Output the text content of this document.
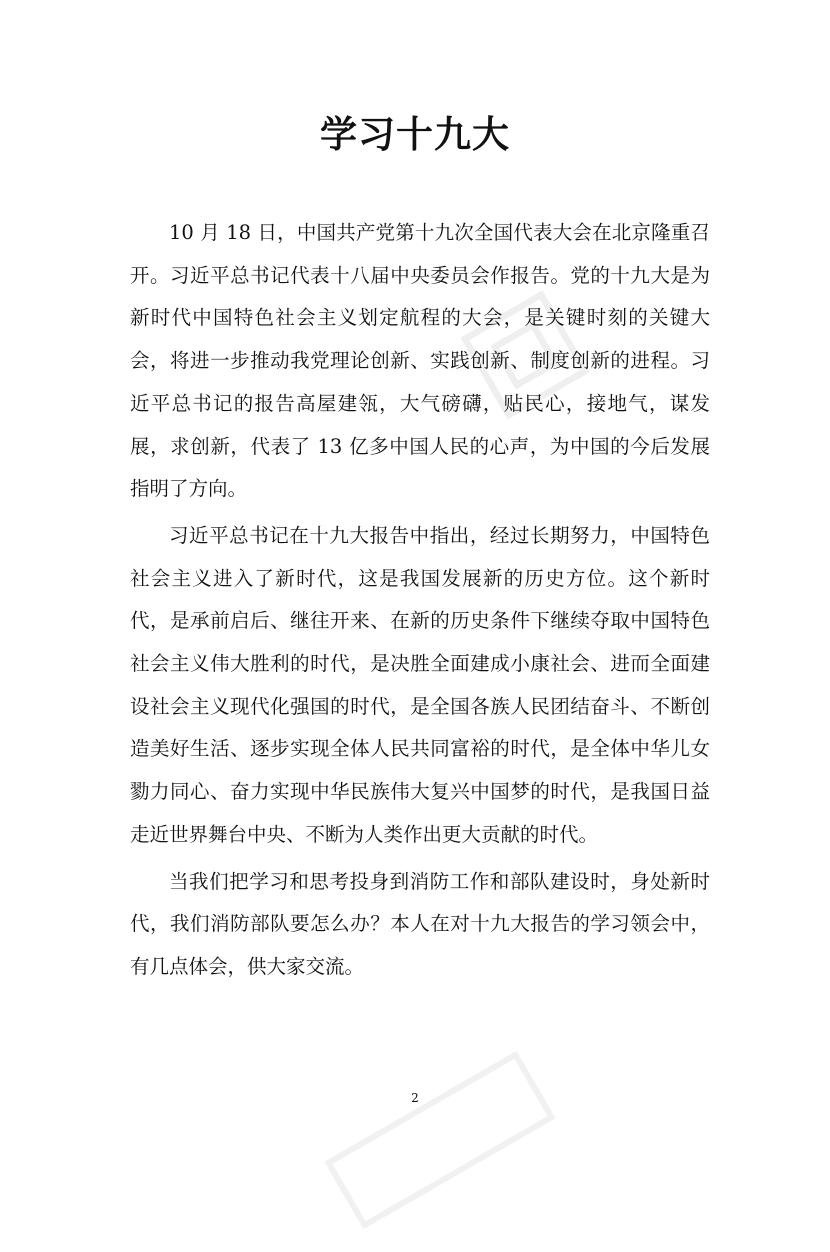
学习十九大

10 月 18 日，中国共产党第十九次全国代表大会在北京隆重召开。习近平总书记代表十八届中央委员会作报告。党的十九大是为新时代中国特色社会主义划定航程的大会，是关键时刻的关键大会，将进一步推动我党理论创新、实践创新、制度创新的进程。习近平总书记的报告高屋建瓴，大气磅礴，贴民心，接地气，谋发展，求创新，代表了 13 亿多中国人民的心声，为中国的今后发展指明了方向。

习近平总书记在十九大报告中指出，经过长期努力，中国特色社会主义进入了新时代，这是我国发展新的历史方位。这个新时代，是承前启后、继往开来、在新的历史条件下继续夺取中国特色社会主义伟大胜利的时代，是决胜全面建成小康社会、进而全面建设社会主义现代化强国的时代，是全国各族人民团结奋斗、不断创造美好生活、逐步实现全体人民共同富裕的时代，是全体中华儿女勠力同心、奋力实现中华民族伟大复兴中国梦的时代，是我国日益走近世界舞台中央、不断为人类作出更大贡献的时代。

当我们把学习和思考投身到消防工作和部队建设时，身处新时代，我们消防部队要怎么办？本人在对十九大报告的学习领会中，有几点体会，供大家交流。

2
